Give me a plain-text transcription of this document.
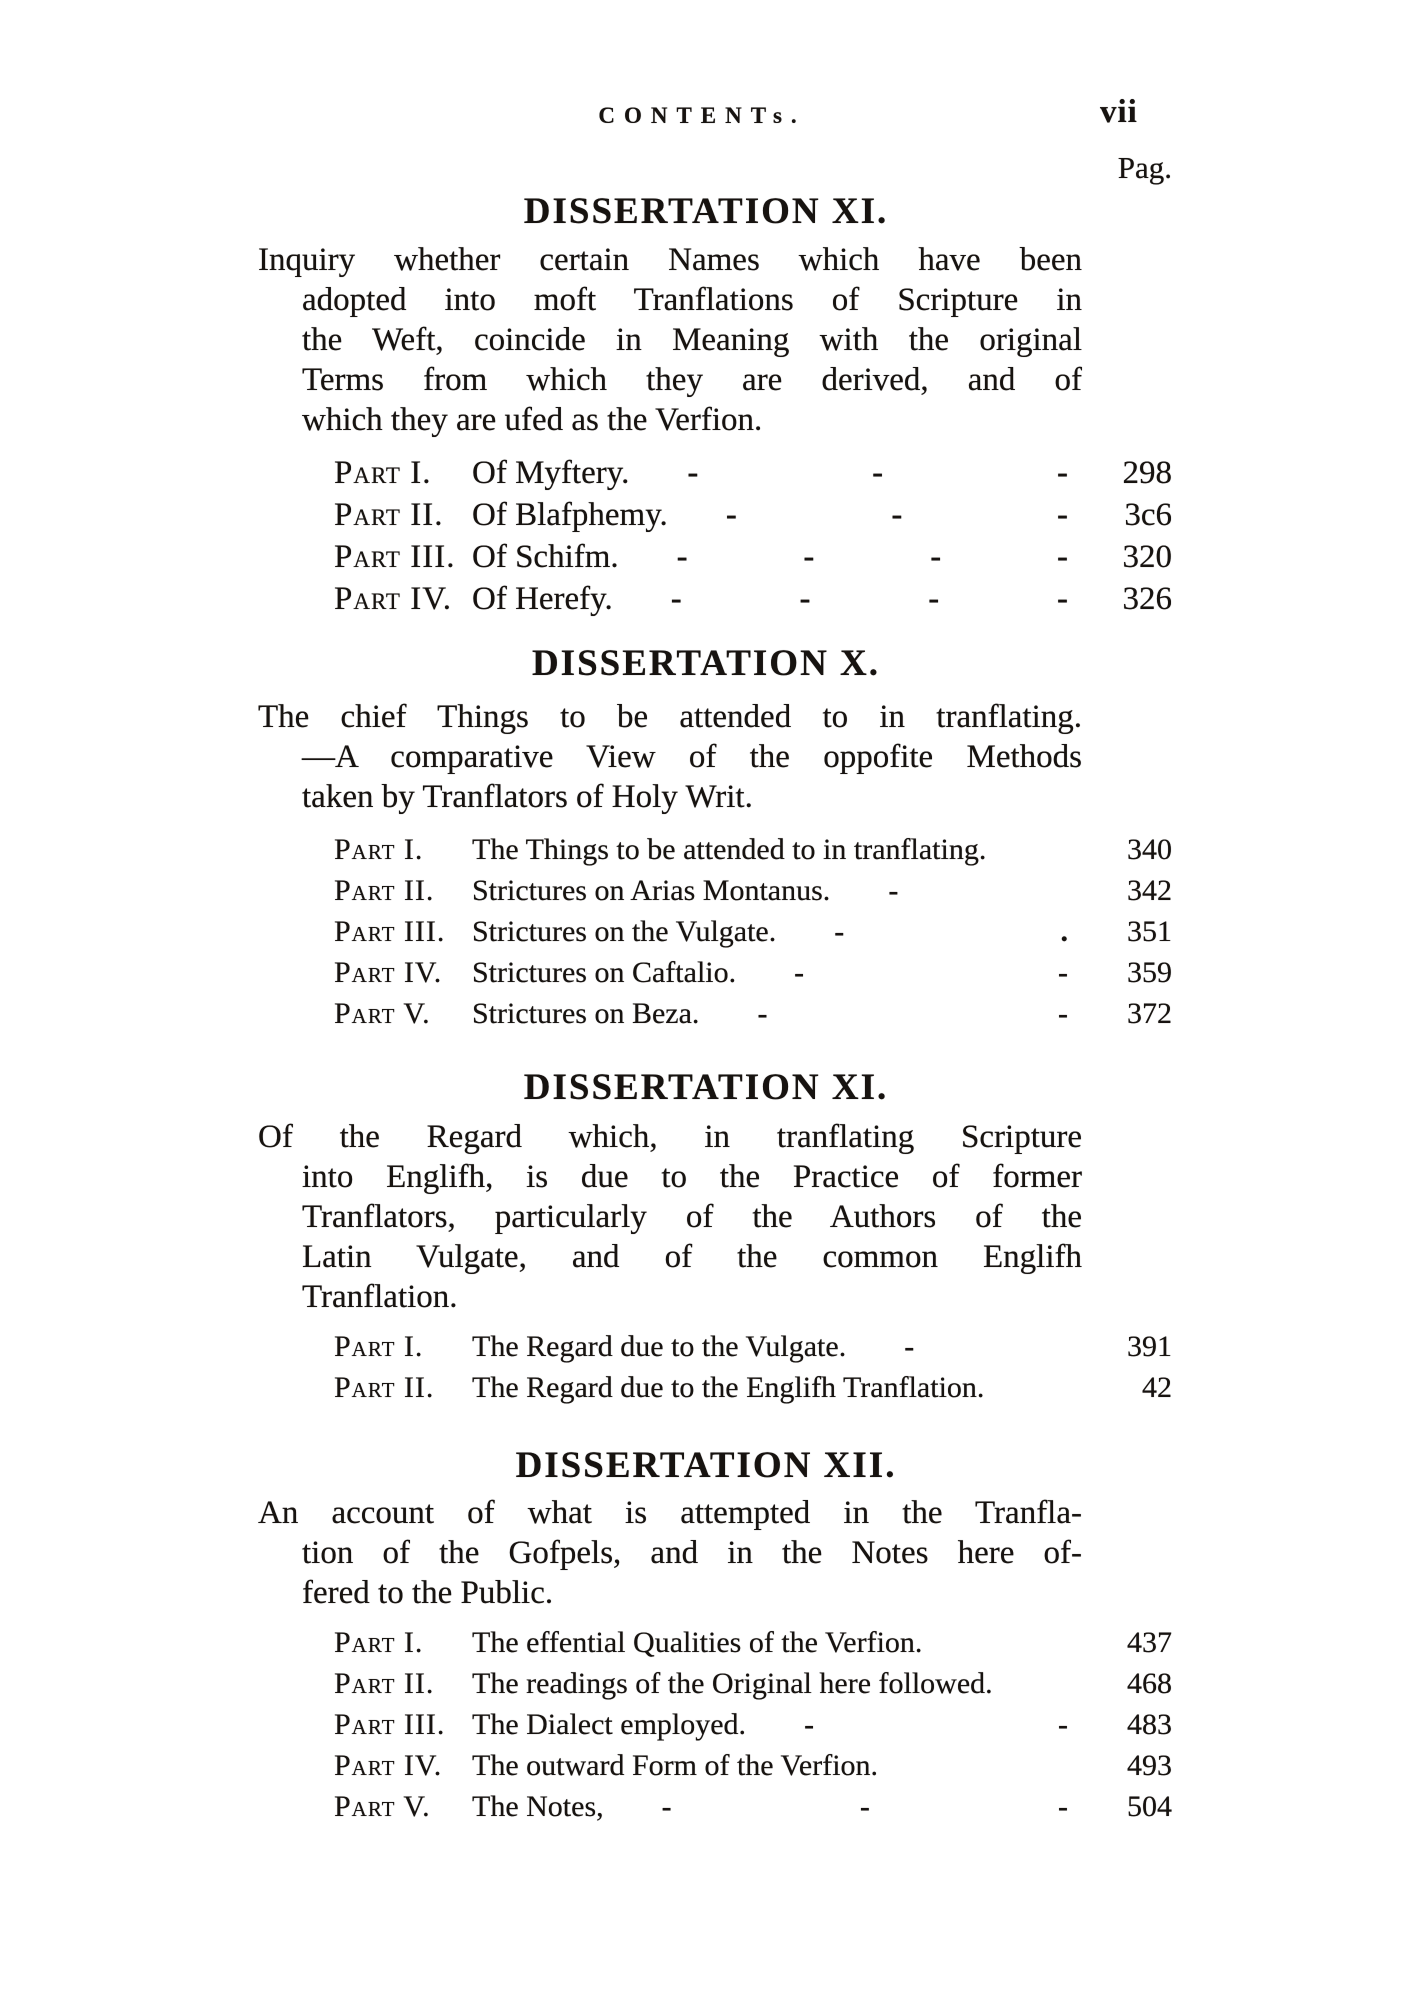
CONTENTs.	vii
Pag.
DISSERTATION XI.
Inquiry whether certain Names which have been
adopted into moft Tranflations of Scripture in
the Weft, coincide in Meaning with the original
Terms from which they are derived, and of
which they are ufed as the Verfion.
Part I.	Of Myftery.	- - -	298
Part II. Of Blafphemy.	- - -	3c6
Part III. Of Schifm.	- - - -	320
Part IV. Of Herefy.	- - - -	326
DISSERTATION X.
The chief Things to be attended to in tranflating.
—A comparative View of the oppofite Methods
taken by Tranflators of Holy Writ.
Part I.	The Things to be attended to in tranflating.	340
Part II.	Strictures on Arias Montanus.	-	342
Part III. Strictures on the Vulgate.	- .	351
Part IV. Strictures on Caftalio.	- -	359
Part V.	Strictures on Beza.	- -	372
DISSERTATION XI.
Of the Regard which, in tranflating Scripture
into Englifh, is due to the Practice of former
Tranflators, particularly of the Authors of the
Latin Vulgate, and of the common Englifh
Tranflation.
Part I.	The Regard due to the Vulgate.	-	391
Part II.	The Regard due to the Englifh Tranflation.	42
DISSERTATION XII.
An account of what is attempted in the Tranfla-
tion of the Gofpels, and in the Notes here of-
fered to the Public.
Part I.	The effential Qualities of the Verfion.	437
Part II.	The readings of the Original here followed.	468
Part III. The Dialect employed.	- -	483
Part IV. The outward Form of the Verfion.	493
Part V.	The Notes,	- - -	504
